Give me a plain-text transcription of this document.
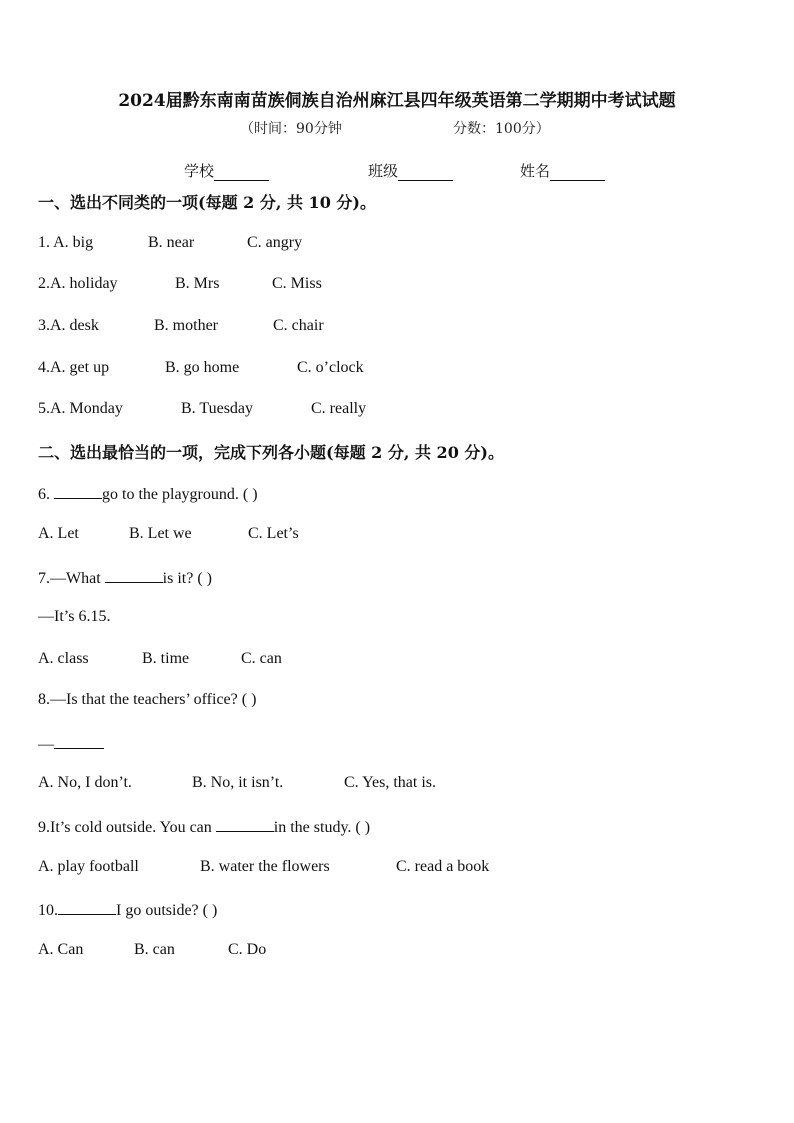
2024届黔东南南苗族侗族自治州麻江县四年级英语第二学期期中考试试题
（时间：90分钟	分数：100分）
学校	班级	姓名
一、选出不同类的一项(每题 2 分, 共 10 分)。
1. A. big	B. near	C. angry
2.A. holiday	B. Mrs	C. Miss
3.A. desk	B. mother	C. chair
4.A. get up	B. go home	C. o’clock
5.A. Monday	B. Tuesday	C. really
二、选出最恰当的一项，完成下列各小题(每题 2 分, 共 20 分)。
6.	go to the playground. ( )
A. Let	B. Let we	C. Let’s
7.—What	is it? ( )
—It’s 6.15.
A. class	B. time	C. can
8.—Is that the teachers’ office? ( )
—
A. No, I don’t.	B. No, it isn’t.	C. Yes, that is.
9.It’s cold outside. You can	in the study. ( )
A. play football	B. water the flowers	C. read a book
10.	I go outside? ( )
A. Can	B. can	C. Do
